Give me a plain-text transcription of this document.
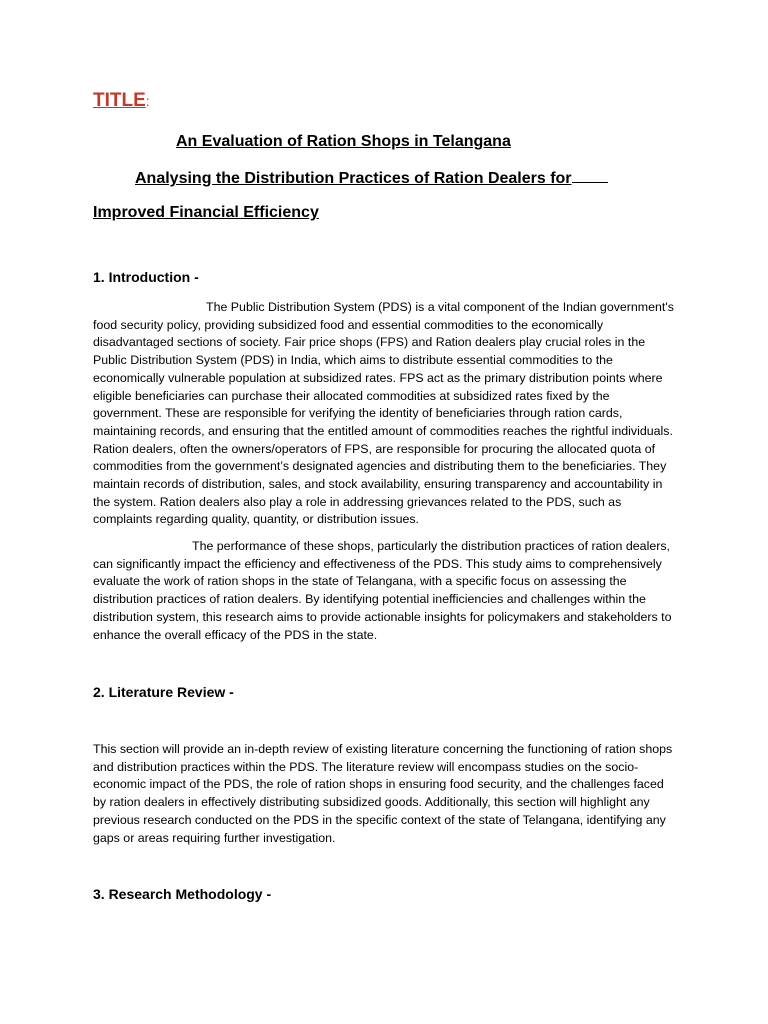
TITLE:
An Evaluation of Ration Shops in Telangana
Analysing the Distribution Practices of Ration Dealers for
Improved Financial Efficiency
1. Introduction -

The Public Distribution System (PDS) is a vital component of the Indian government's food security policy, providing subsidized food and essential commodities to the economically disadvantaged sections of society. Fair price shops (FPS) and Ration dealers play crucial roles in the Public Distribution System (PDS) in India, which aims to distribute essential commodities to the economically vulnerable population at subsidized rates. FPS act as the primary distribution points where eligible beneficiaries can purchase their allocated commodities at subsidized rates fixed by the government. These are responsible for verifying the identity of beneficiaries through ration cards, maintaining records, and ensuring that the entitled amount of commodities reaches the rightful individuals. Ration dealers, often the owners/operators of FPS, are responsible for procuring the allocated quota of commodities from the government’s designated agencies and distributing them to the beneficiaries. They maintain records of distribution, sales, and stock availability, ensuring transparency and accountability in the system. Ration dealers also play a role in addressing grievances related to the PDS, such as complaints regarding quality, quantity, or distribution issues.

The performance of these shops, particularly the distribution practices of ration dealers, can significantly impact the efficiency and effectiveness of the PDS. This study aims to comprehensively evaluate the work of ration shops in the state of Telangana, with a specific focus on assessing the distribution practices of ration dealers. By identifying potential inefficiencies and challenges within the distribution system, this research aims to provide actionable insights for policymakers and stakeholders to enhance the overall efficacy of the PDS in the state.

2. Literature Review -

This section will provide an in-depth review of existing literature concerning the functioning of ration shops and distribution practices within the PDS. The literature review will encompass studies on the socio-economic impact of the PDS, the role of ration shops in ensuring food security, and the challenges faced by ration dealers in effectively distributing subsidized goods. Additionally, this section will highlight any previous research conducted on the PDS in the specific context of the state of Telangana, identifying any gaps or areas requiring further investigation.

3. Research Methodology -
